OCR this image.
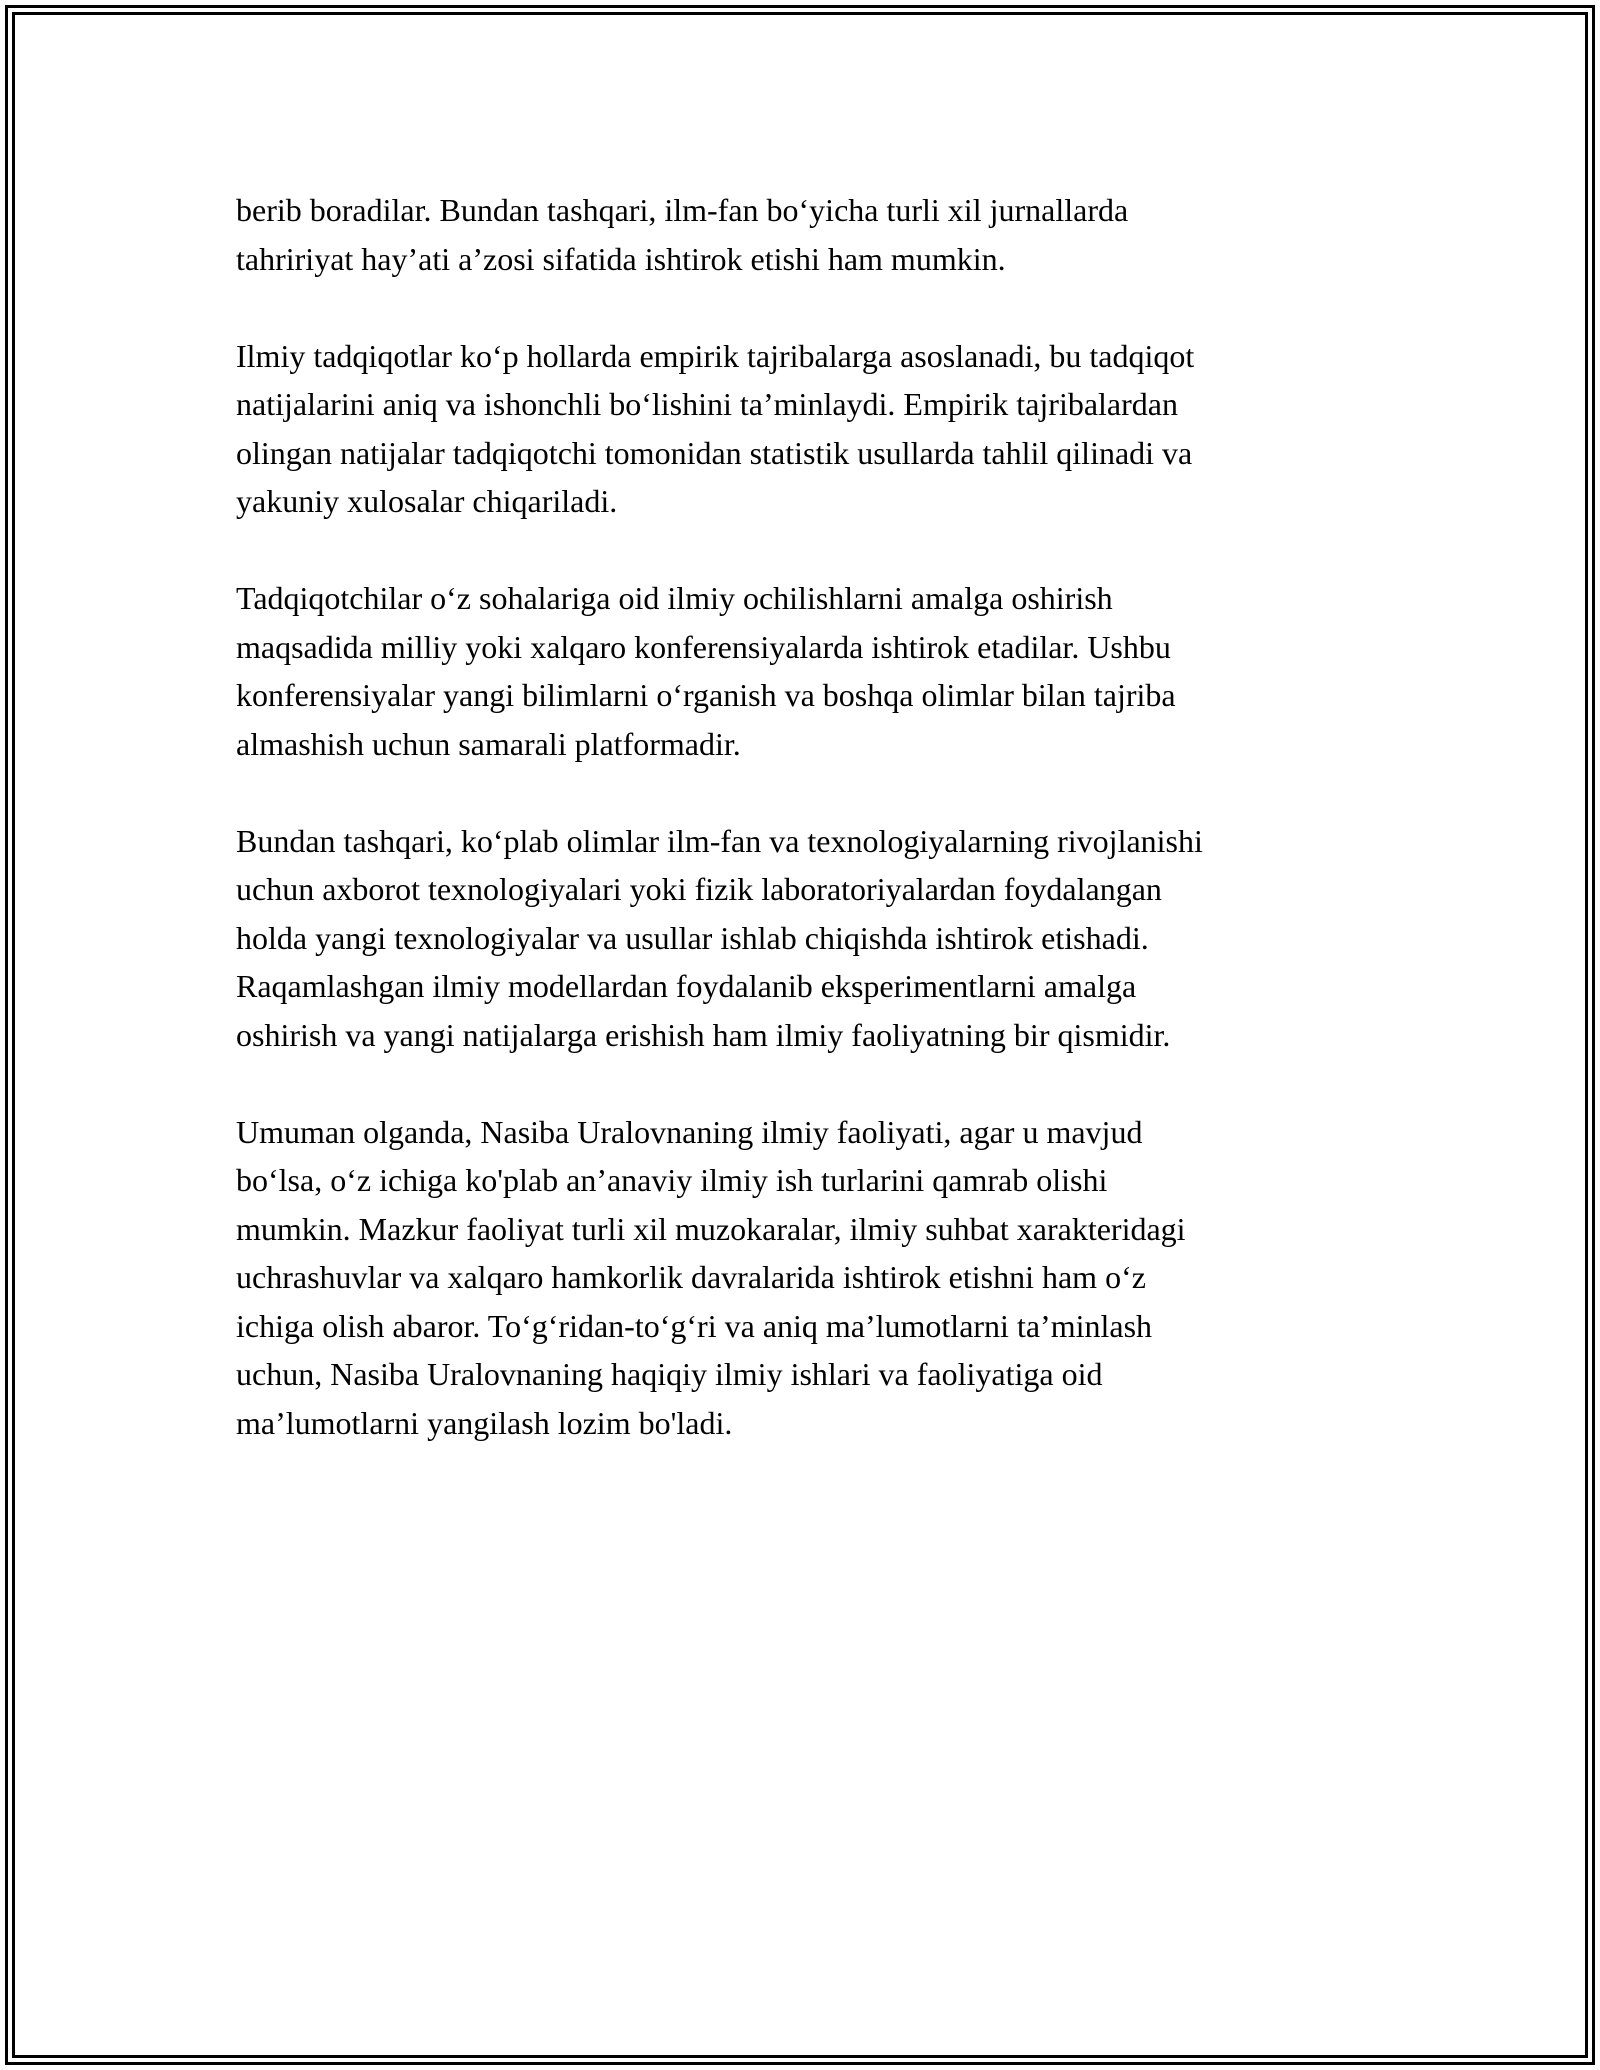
berib boradilar. Bundan tashqari, ilm-fan boʻyicha turli xil jurnallarda
tahririyat hay’ati a’zosi sifatida ishtirok etishi ham mumkin.

Ilmiy tadqiqotlar koʻp hollarda empirik tajribalarga asoslanadi, bu tadqiqot
natijalarini aniq va ishonchli boʻlishini ta’minlaydi. Empirik tajribalardan
olingan natijalar tadqiqotchi tomonidan statistik usullarda tahlil qilinadi va
yakuniy xulosalar chiqariladi.

Tadqiqotchilar oʻz sohalariga oid ilmiy ochilishlarni amalga oshirish
maqsadida milliy yoki xalqaro konferensiyalarda ishtirok etadilar. Ushbu
konferensiyalar yangi bilimlarni oʻrganish va boshqa olimlar bilan tajriba
almashish uchun samarali platformadir.

Bundan tashqari, koʻplab olimlar ilm-fan va texnologiyalarning rivojlanishi
uchun axborot texnologiyalari yoki fizik laboratoriyalardan foydalangan
holda yangi texnologiyalar va usullar ishlab chiqishda ishtirok etishadi.
Raqamlashgan ilmiy modellardan foydalanib eksperimentlarni amalga
oshirish va yangi natijalarga erishish ham ilmiy faoliyatning bir qismidir.

Umuman olganda, Nasiba Uralovnaning ilmiy faoliyati, agar u mavjud
boʻlsa, oʻz ichiga ko'plab an’anaviy ilmiy ish turlarini qamrab olishi
mumkin. Mazkur faoliyat turli xil muzokaralar, ilmiy suhbat xarakteridagi
uchrashuvlar va xalqaro hamkorlik davralarida ishtirok etishni ham oʻz
ichiga olish abaror. Toʻgʻridan-toʻgʻri va aniq ma’lumotlarni ta’minlash
uchun, Nasiba Uralovnaning haqiqiy ilmiy ishlari va faoliyatiga oid
ma’lumotlarni yangilash lozim bo'ladi.
